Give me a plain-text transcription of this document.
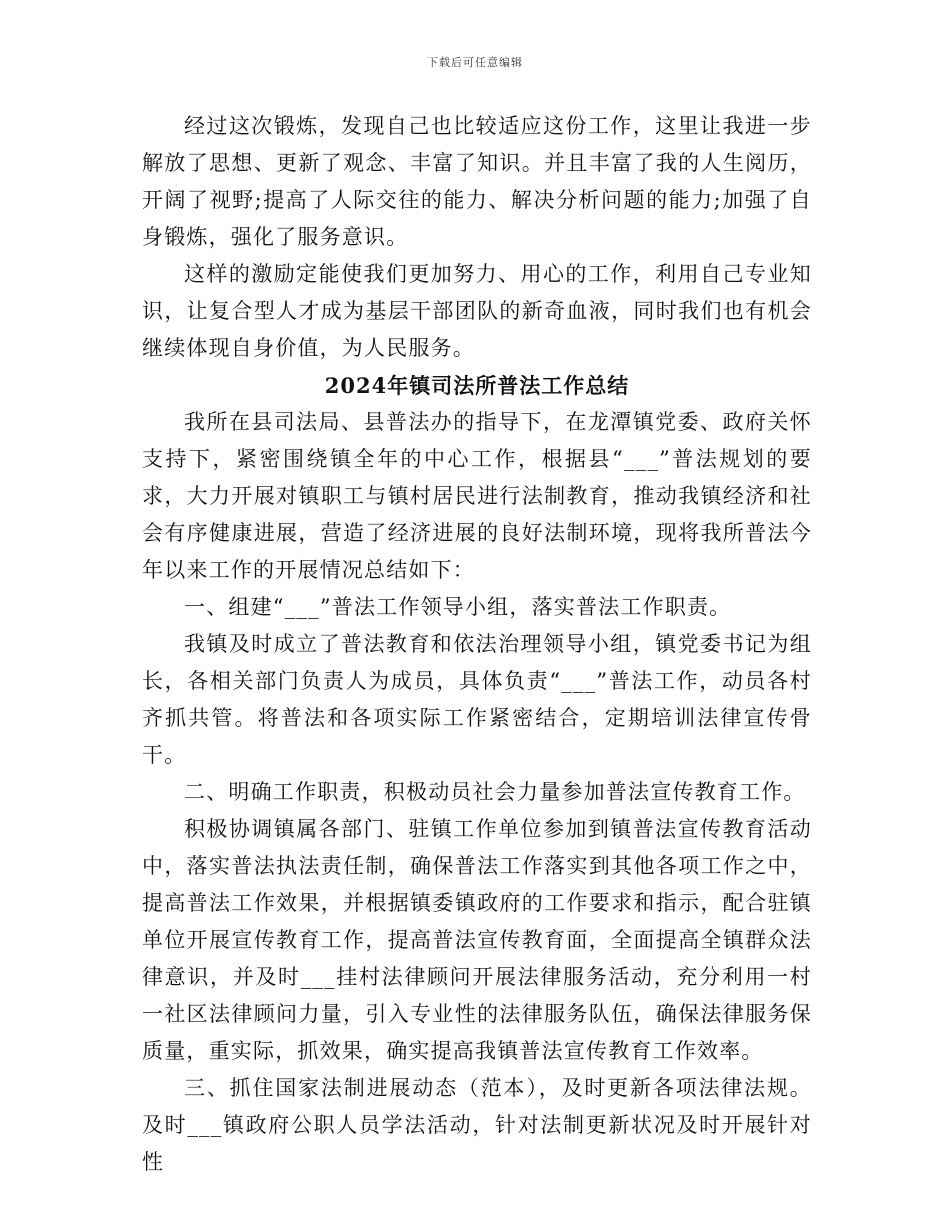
下载后可任意编辑

经过这次锻炼，发现自己也比较适应这份工作，这里让我进一步解放了思想、更新了观念、丰富了知识。并且丰富了我的人生阅历，开阔了视野;提高了人际交往的能力、解决分析问题的能力;加强了自身锻炼，强化了服务意识。

这样的激励定能使我们更加努力、用心的工作，利用自己专业知识，让复合型人才成为基层干部团队的新奇血液，同时我们也有机会继续体现自身价值，为人民服务。

2024年镇司法所普法工作总结

我所在县司法局、县普法办的指导下，在龙潭镇党委、政府关怀支持下，紧密围绕镇全年的中心工作，根据县“___”普法规划的要求，大力开展对镇职工与镇村居民进行法制教育，推动我镇经济和社会有序健康进展，营造了经济进展的良好法制环境，现将我所普法今年以来工作的开展情况总结如下：

一、组建“___”普法工作领导小组，落实普法工作职责。

我镇及时成立了普法教育和依法治理领导小组，镇党委书记为组长，各相关部门负责人为成员，具体负责“___”普法工作，动员各村齐抓共管。将普法和各项实际工作紧密结合，定期培训法律宣传骨干。

二、明确工作职责，积极动员社会力量参加普法宣传教育工作。

积极协调镇属各部门、驻镇工作单位参加到镇普法宣传教育活动中，落实普法执法责任制，确保普法工作落实到其他各项工作之中，提高普法工作效果，并根据镇委镇政府的工作要求和指示，配合驻镇单位开展宣传教育工作，提高普法宣传教育面，全面提高全镇群众法律意识，并及时___挂村法律顾问开展法律服务活动，充分利用一村一社区法律顾问力量，引入专业性的法律服务队伍，确保法律服务保质量，重实际，抓效果，确实提高我镇普法宣传教育工作效率。

三、抓住国家法制进展动态（范本），及时更新各项法律法规。及时___镇政府公职人员学法活动，针对法制更新状况及时开展针对性
